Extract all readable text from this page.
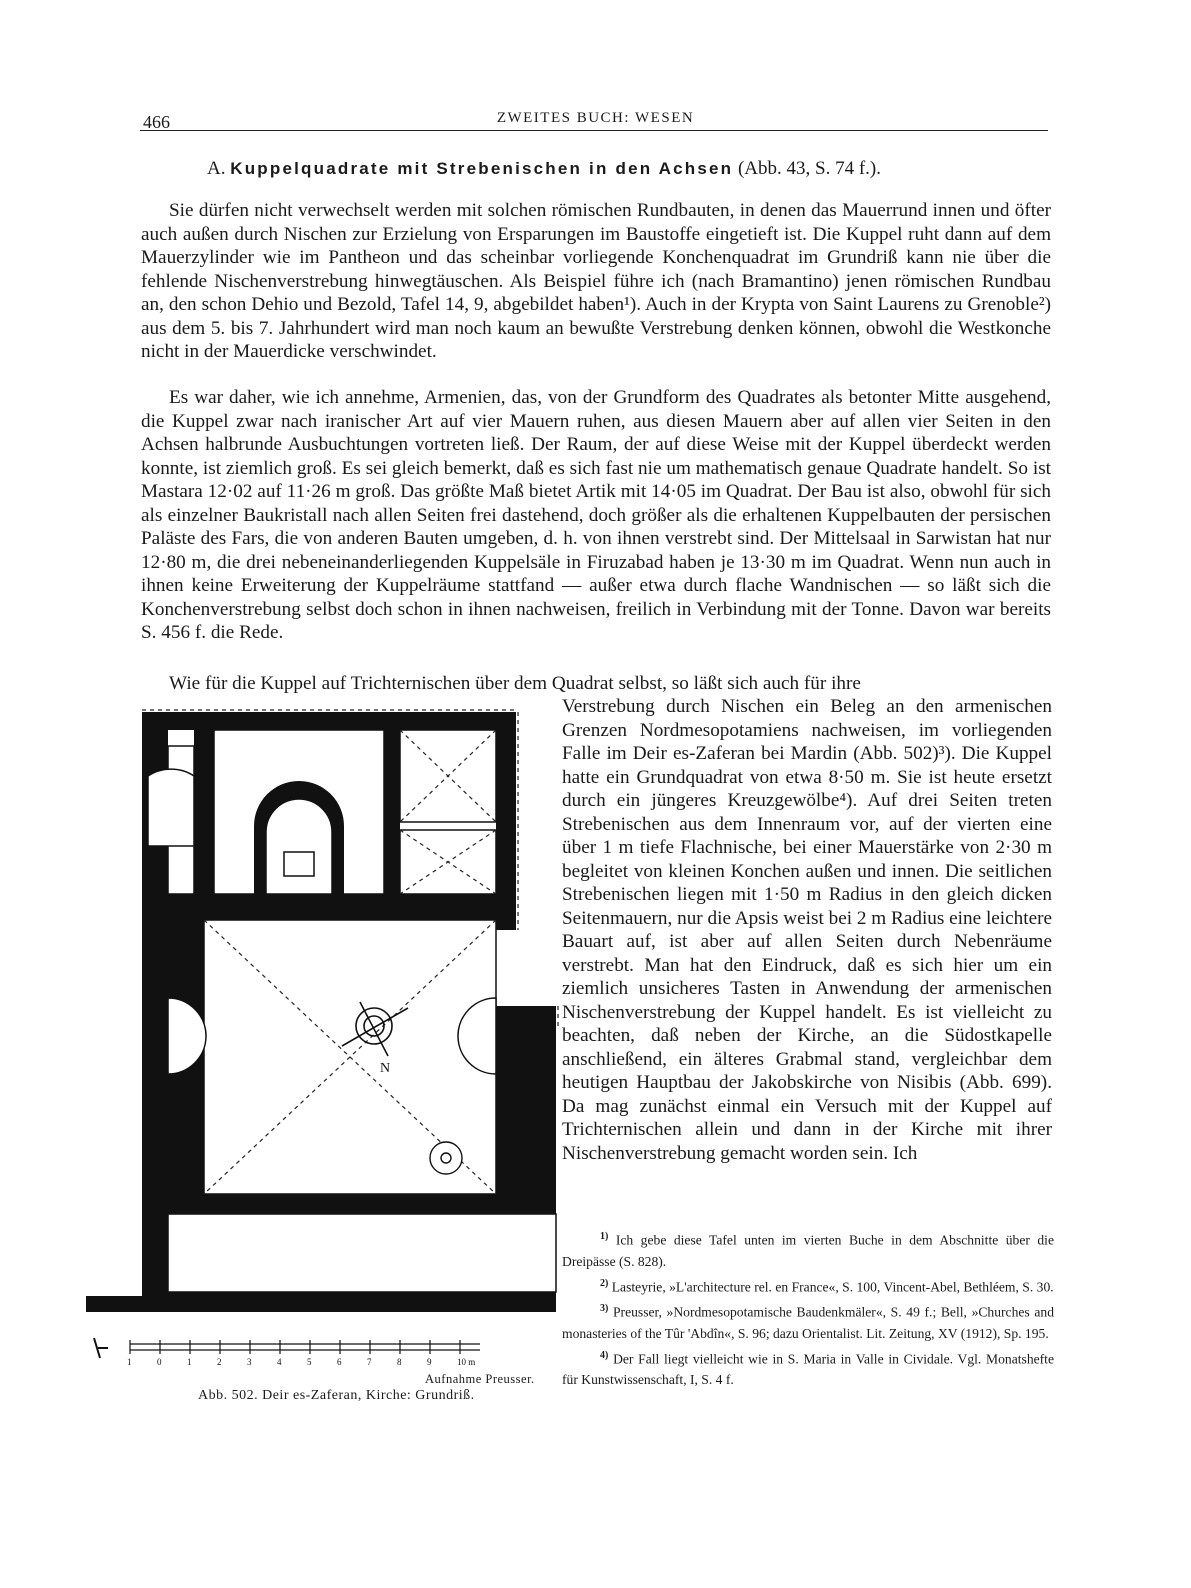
466	ZWEITES BUCH: WESEN
A. Kuppelquadrate mit Strebenischen in den Achsen (Abb. 43, S. 74 f.).

Sie dürfen nicht verwechselt werden mit solchen römischen Rundbauten, in denen das Mauerrund innen und öfter auch außen durch Nischen zur Erzielung von Ersparungen im Baustoffe eingetieft ist. Die Kuppel ruht dann auf dem Mauerzylinder wie im Pantheon und das scheinbar vorliegende Konchenquadrat im Grundriß kann nie über die fehlende Nischenverstrebung hinwegtäuschen. Als Beispiel führe ich (nach Bramantino) jenen römischen Rundbau an, den schon Dehio und Bezold, Tafel 14, 9, abgebildet haben¹). Auch in der Krypta von Saint Laurens zu Grenoble²) aus dem 5. bis 7. Jahrhundert wird man noch kaum an bewußte Verstrebung denken können, obwohl die Westkonche nicht in der Mauerdicke verschwindet.

Es war daher, wie ich annehme, Armenien, das, von der Grundform des Quadrates als betonter Mitte ausgehend, die Kuppel zwar nach iranischer Art auf vier Mauern ruhen, aus diesen Mauern aber auf allen vier Seiten in den Achsen halbrunde Ausbuchtungen vortreten ließ. Der Raum, der auf diese Weise mit der Kuppel überdeckt werden konnte, ist ziemlich groß. Es sei gleich bemerkt, daß es sich fast nie um mathematisch genaue Quadrate handelt. So ist Mastara 12·02 auf 11·26 m groß. Das größte Maß bietet Artik mit 14·05 im Quadrat. Der Bau ist also, obwohl für sich als einzelner Baukristall nach allen Seiten frei dastehend, doch größer als die erhaltenen Kuppelbauten der persischen Paläste des Fars, die von anderen Bauten umgeben, d. h. von ihnen verstrebt sind. Der Mittelsaal in Sarwistan hat nur 12·80 m, die drei nebeneinanderliegenden Kuppelsäle in Firuzabad haben je 13·30 m im Quadrat. Wenn nun auch in ihnen keine Erweiterung der Kuppelräume stattfand — außer etwa durch flache Wandnischen — so läßt sich die Konchenverstrebung selbst doch schon in ihnen nachweisen, freilich in Verbindung mit der Tonne. Davon war bereits S. 456 f. die Rede.

Wie für die Kuppel auf Trichternischen über dem Quadrat selbst, so läßt sich auch für ihre

Verstrebung durch Nischen ein Beleg an den armenischen Grenzen Nordmesopotamiens nachweisen, im vorliegenden Falle im Deir es-Zaferan bei Mardin (Abb. 502)³). Die Kuppel hatte ein Grundquadrat von etwa 8·50 m. Sie ist heute ersetzt durch ein jüngeres Kreuzgewölbe⁴). Auf drei Seiten treten Strebenischen aus dem Innenraum vor, auf der vierten eine über 1 m tiefe Flachnische, bei einer Mauerstärke von 2·30 m begleitet von kleinen Konchen außen und innen. Die seitlichen Strebenischen liegen mit 1·50 m Radius in den gleich dicken Seitenmauern, nur die Apsis weist bei 2 m Radius eine leichtere Bauart auf, ist aber auf allen Seiten durch Nebenräume verstrebt. Man hat den Eindruck, daß es sich hier um ein ziemlich unsicheres Tasten in Anwendung der armenischen Nischenverstrebung der Kuppel handelt. Es ist vielleicht zu beachten, daß neben der Kirche, an die Südostkapelle anschließend, ein älteres Grabmal stand, vergleichbar dem heutigen Hauptbau der Jakobskirche von Nisibis (Abb. 699). Da mag zunächst einmal ein Versuch mit der Kuppel auf Trichternischen allein und dann in der Kirche mit ihrer Nischenverstrebung gemacht worden sein. Ich

N
1	0	1	2	3	4	5	6	7	8	9	10 m
Aufnahme Preusser.
Abb. 502. Deir es-Zaferan, Kirche: Grundriß.

$^{1)}$ Ich gebe diese Tafel unten im vierten Buche in dem Abschnitte über die Dreipässe (S. 828).

$^{2)}$ Lasteyrie, »L'architecture rel. en France«, S. 100, Vincent-Abel, Bethléem, S. 30.

$^{3)}$ Preusser, »Nordmesopotamische Baudenkmäler«, S. 49 f.; Bell, »Churches and monasteries of the Tûr 'Abdîn«, S. 96; dazu Orientalist. Lit. Zeitung, XV (1912), Sp. 195.

$^{4)}$ Der Fall liegt vielleicht wie in S. Maria in Valle in Cividale. Vgl. Monatshefte für Kunstwissenschaft, I, S. 4 f.
